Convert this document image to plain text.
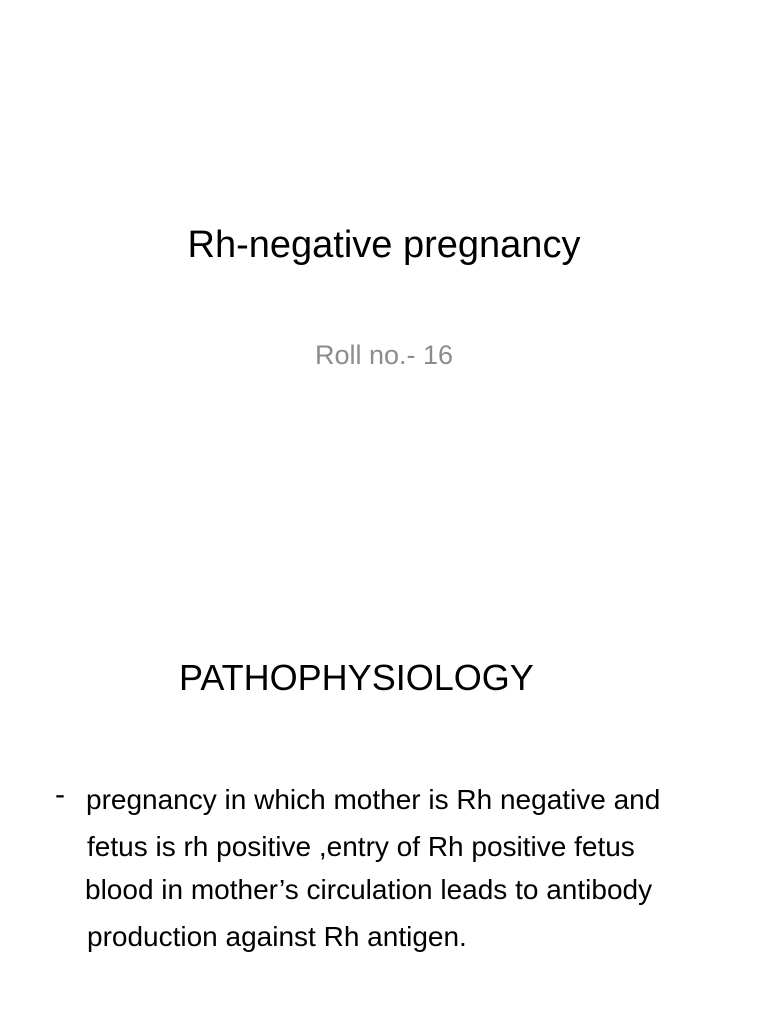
Rh-negative pregnancy
Roll no.- 16
PATHOPHYSIOLOGY
- pregnancy in which mother is Rh negative and
fetus is rh positive ,entry of Rh positive fetus
blood in mother’s circulation leads to antibody
production against Rh antigen.
